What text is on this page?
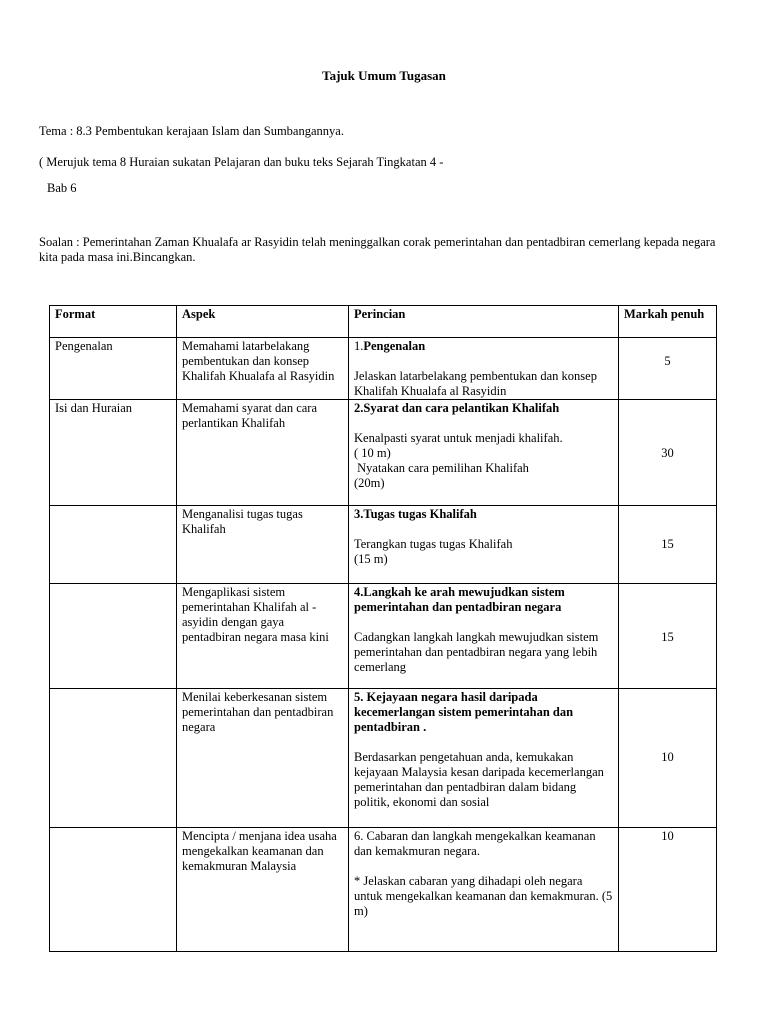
Tajuk Umum Tugasan
Tema : 8.3 Pembentukan kerajaan Islam dan Sumbangannya.
( Merujuk tema 8 Huraian sukatan Pelajaran dan buku teks Sejarah Tingkatan 4 -
Bab 6
Soalan : Pemerintahan Zaman Khualafa ar Rasyidin telah meninggalkan corak pemerintahan dan pentadbiran cemerlang kepada negara kita pada masa ini.Bincangkan.
Format	Aspek	Perincian	Markah penuh
Pengenalan	Memahami latarbelakang pembentukan dan konsep Khalifah Khualafa al Rasyidin	1.Pengenalan
Jelaskan latarbelakang pembentukan dan konsep Khalifah Khualafa al Rasyidin	5

Isi dan Huraian	Memahami syarat dan cara perlantikan Khalifah	2.Syarat dan cara pelantikan Khalifah
Kenalpasti syarat untuk menjadi khalifah.
( 10 m)
Nyatakan cara pemilihan Khalifah
(20m)	30

	Menganalisi tugas tugas Khalifah	3.Tugas tugas Khalifah
Terangkan tugas tugas Khalifah
(15 m)	15

	Mengaplikasi sistem pemerintahan Khalifah al -asyidin dengan gaya pentadbiran negara masa kini	4.Langkah ke arah mewujudkan sistem pemerintahan dan pentadbiran negara
Cadangkan langkah langkah mewujudkan sistem pemerintahan dan pentadbiran negara yang lebih cemerlang	15

	Menilai keberkesanan sistem pemerintahan dan pentadbiran negara	5. Kejayaan negara hasil daripada kecemerlangan sistem pemerintahan dan pentadbiran .
Berdasarkan pengetahuan anda, kemukakan kejayaan Malaysia kesan daripada kecemerlangan pemerintahan dan pentadbiran dalam bidang politik, ekonomi dan sosial	10

	Mencipta / menjana idea usaha mengekalkan keamanan dan kemakmuran Malaysia	6. Cabaran dan langkah mengekalkan keamanan dan kemakmuran negara.
* Jelaskan cabaran yang dihadapi oleh negara untuk mengekalkan keamanan dan kemakmuran. (5 m)	10
